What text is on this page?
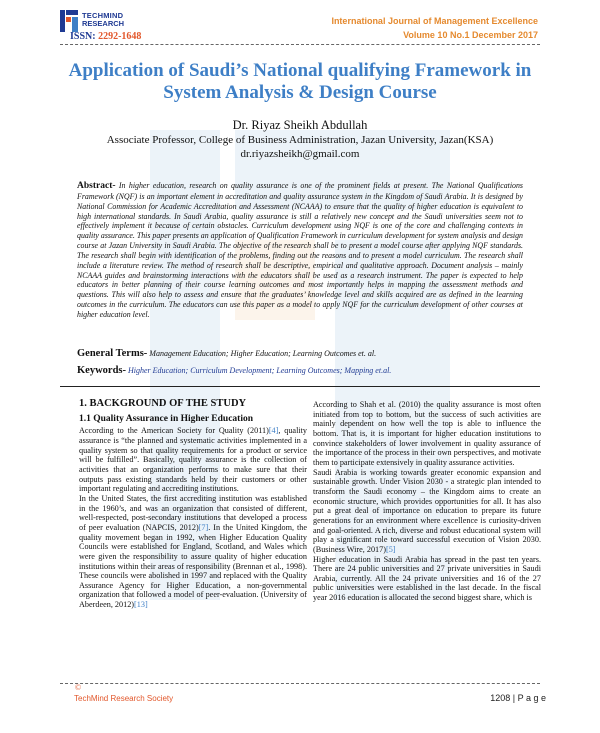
TECHMIND
RESEARCH
ISSN: 2292-1648
International Journal of Management Excellence
Volume 10 No.1 December 2017
Application of Saudi’s National qualifying Framework in System Analysis & Design Course
Dr. Riyaz Sheikh Abdullah
Associate Professor, College of Business Administration, Jazan University, Jazan(KSA)
dr.riyazsheikh@gmail.com
Abstract- In higher education, research on quality assurance is one of the prominent fields at present. The National Qualifications Framework (NQF) is an important element in accreditation and quality assurance system in the Kingdom of Saudi Arabia. It is designed by National Commission for Academic Accreditation and Assessment (NCAAA) to ensure that the quality of higher education is equivalent to high international standards. In Saudi Arabia, quality assurance is still a relatively new concept and the Saudi universities seem not to effectively implement it because of certain obstacles. Curriculum development using NQF is one of the core and challenging contexts in quality assurance. This paper presents an application of Qualification Framework in curriculum development for system analysis and design course at Jazan University in Saudi Arabia. The objective of the research shall be to present a model course after applying NQF standards. The research shall begin with identification of the problems, finding out the reasons and to present a model curriculum. The research shall include a literature review. The method of research shall be descriptive, empirical and qualitative approach. Document analysis – mainly NCAAA guides and brainstorming interactions with the educators shall be used as a research instrument. The paper is expected to help educators in better planning of their course learning outcomes and most importantly helps in mapping the assessment methods and questions. This will also help to assess and ensure that the graduates’ knowledge level and skills acquired are as defined in the learning outcomes in the curriculum. The educators can use this paper as a model to apply NQF for the curriculum development of other courses at higher education level.
General Terms- Management Education; Higher Education; Learning Outcomes et. al.
Keywords- Higher Education; Curriculum Development; Learning Outcomes; Mapping et.al.

1. BACKGROUND OF THE STUDY

1.1 Quality Assurance in Higher Education

According to the American Society for Quality (2011)[4], quality assurance is “the planned and systematic activities implemented in a quality system so that quality requirements for a product or service will be fulfilled”. Basically, quality assurance is the collection of activities that an organization performs to make sure that their outputs pass existing standards held by their customers or other important regulating and accrediting institutions.

In the United States, the first accrediting institution was established in the 1960’s, and was an organization that consisted of different, well-respected, post-secondary institutions that developed a process of peer evaluation (NAPCIS, 2012)[7]. In the United Kingdom, the quality movement began in 1992, when Higher Education Quality Councils were established for England, Scotland, and Wales which were given the responsibility to assure quality of higher education institutions within their areas of responsibility (Brennan et al., 1998). These councils were abolished in 1997 and replaced with the Quality Assurance Agency for Higher Education, a non-governmental organization that followed a model of peer-evaluation. (University of Aberdeen, 2012)[13]

According to Shah et al. (2010) the quality assurance is most often initiated from top to bottom, but the success of such activities are mainly dependent on how well the top is able to influence the bottom. That is, it is important for higher education institutions to convince stakeholders of lower involvement in quality assurance of the importance of the process in their own perspectives, and motivate them to participate extensively in quality assurance activities.

Saudi Arabia is working towards greater economic expansion and sustainable growth. Under Vision 2030 - a strategic plan intended to transform the Saudi economy – the Kingdom aims to create an economic structure, which provides opportunities for all. It has also put a great deal of importance on education to prepare its future generations for an environment where excellence is curiosity-driven and goal-oriented. A rich, diverse and robust educational system will play a significant role toward successful execution of Vision 2030. (Business Wire, 2017)[5]

Higher education in Saudi Arabia has spread in the past ten years. There are 24 public universities and 27 private universities in Saudi Arabia, currently. All the 24 private universities and 16 of the 27 public universities were established in the last decade. In the fiscal year 2016 education is allocated the second biggest share, which is

©
TechMind Research Society	1208 | P a g e
